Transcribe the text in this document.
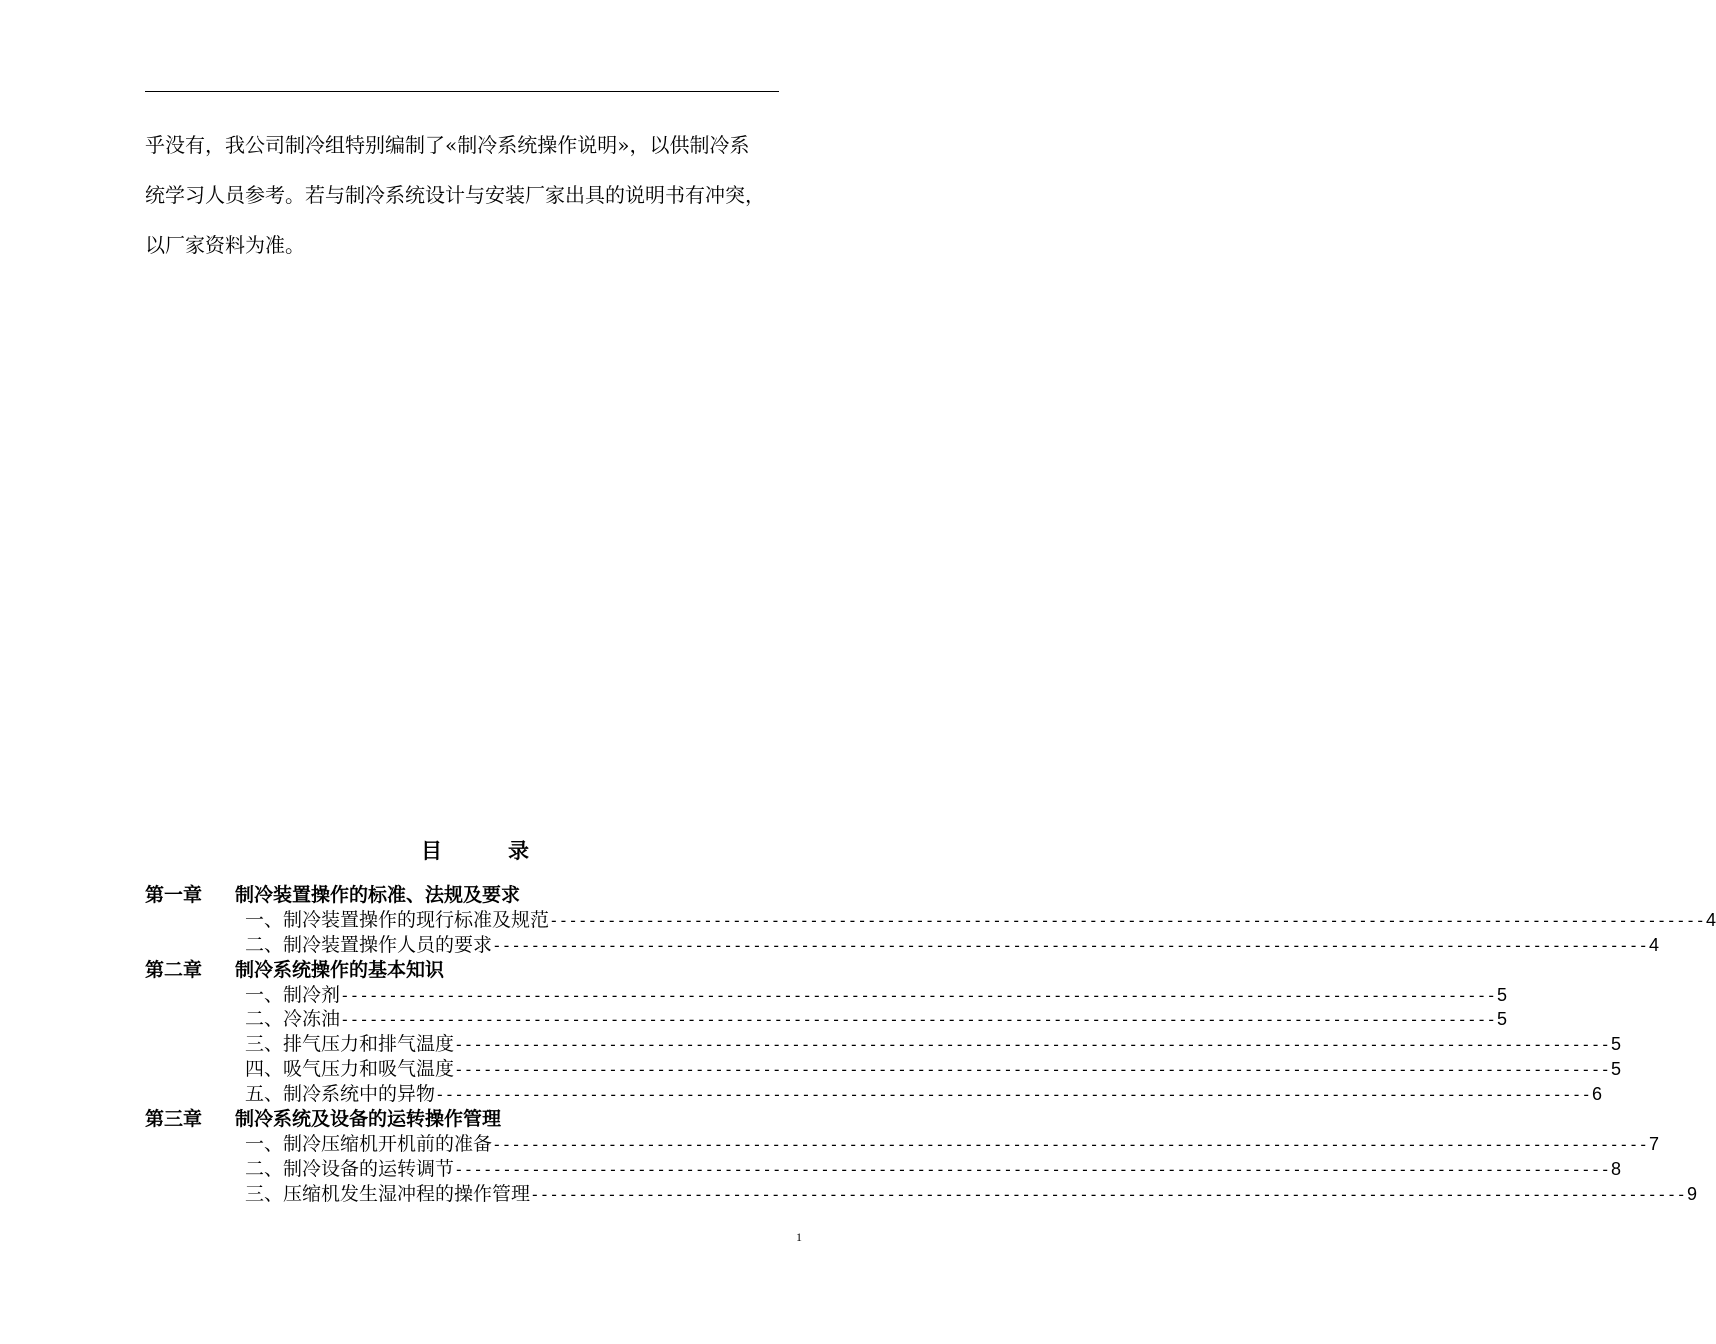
乎没有，我公司制冷组特别编制了«制冷系统操作说明»，以供制冷系

统学习人员参考。若与制冷系统设计与安装厂家出具的说明书有冲突，

以厂家资料为准。

目	录
第一章 制冷装置操作的标准、法规及要求
一、制冷装置操作的现行标准及规范 ------------------------------------------------------------------------------------------------------------------------ 4
二、制冷装置操作人员的要求 ------------------------------------------------------------------------------------------------------------------------ 4
第二章 制冷系统操作的基本知识
一、制冷剂 ------------------------------------------------------------------------------------------------------------------------ 5
二、冷冻油 ------------------------------------------------------------------------------------------------------------------------ 5
三、排气压力和排气温度 ------------------------------------------------------------------------------------------------------------------------ 5
四、吸气压力和吸气温度 ------------------------------------------------------------------------------------------------------------------------ 5
五、制冷系统中的异物 ------------------------------------------------------------------------------------------------------------------------ 6
第三章 制冷系统及设备的运转操作管理
一、制冷压缩机开机前的准备 ------------------------------------------------------------------------------------------------------------------------ 7
二、制冷设备的运转调节 ------------------------------------------------------------------------------------------------------------------------ 8
三、压缩机发生湿冲程的操作管理 ------------------------------------------------------------------------------------------------------------------------ 9
1
